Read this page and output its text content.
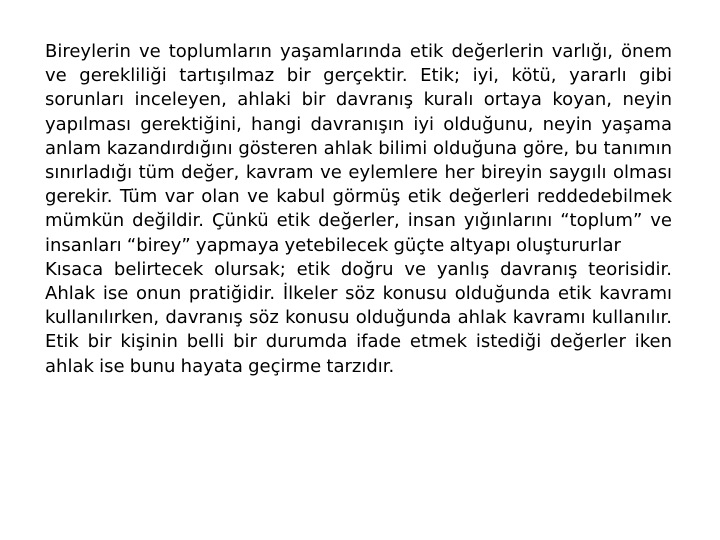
Bireylerin ve toplumların yaşamlarında etik değerlerin varlığı, önem ve gerekliliği tartışılmaz bir gerçektir. Etik; iyi, kötü, yararlı gibi sorunları inceleyen, ahlaki bir davranış kuralı ortaya koyan, neyin yapılması gerektiğini, hangi davranışın iyi olduğunu, neyin yaşama anlam kazandırdığını gösteren ahlak bilimi olduğuna göre, bu tanımın sınırladığı tüm değer, kavram ve eylemlere her bireyin saygılı olması gerekir. Tüm var olan ve kabul görmüş etik değerleri reddedebilmek mümkün değildir. Çünkü etik değerler, insan yığınlarını “toplum” ve insanları “birey” yapmaya yetebilecek güçte altyapı oluştururlar

Kısaca belirtecek olursak; etik doğru ve yanlış davranış teorisidir. Ahlak ise onun pratiğidir. İlkeler söz konusu olduğunda etik kavramı kullanılırken, davranış söz konusu olduğunda ahlak kavramı kullanılır. Etik bir kişinin belli bir durumda ifade etmek istediği değerler iken ahlak ise bunu hayata geçirme tarzıdır.
